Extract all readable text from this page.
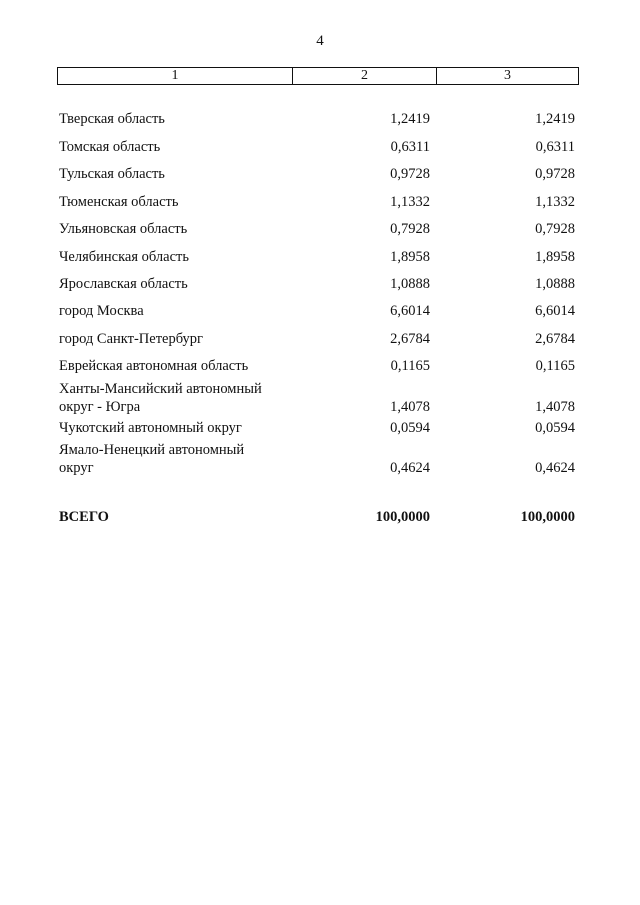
4
1	2	3
Тверская область	1,2419	1,2419
Томская область	0,6311	0,6311
Тульская область	0,9728	0,9728
Тюменская область	1,1332	1,1332
Ульяновская область	0,7928	0,7928
Челябинская область	1,8958	1,8958
Ярославская область	1,0888	1,0888
город Москва	6,6014	6,6014
город Санкт-Петербург	2,6784	2,6784
Еврейская автономная область	0,1165	0,1165
Ханты-Мансийский автономный
округ - Югра	1,4078	1,4078
Чукотский автономный округ	0,0594	0,0594
Ямало-Ненецкий автономный
округ	0,4624	0,4624
ВСЕГО	100,0000	100,0000
